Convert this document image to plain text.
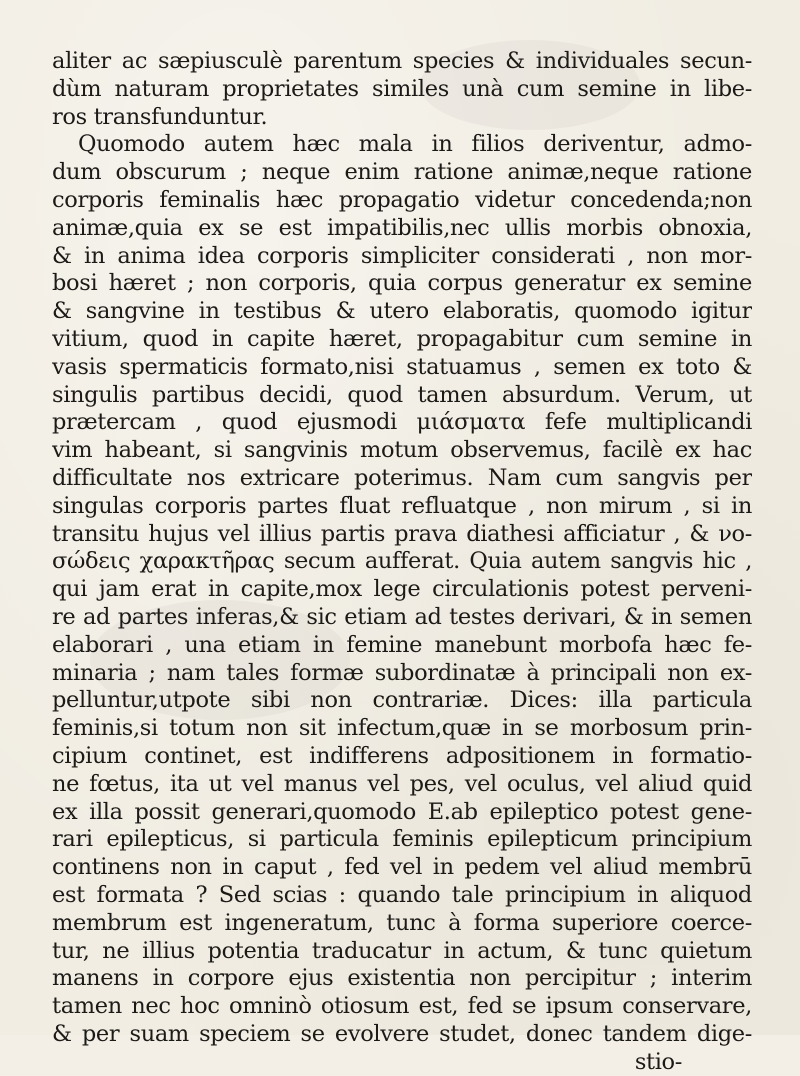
aliter ac sæpiusculè parentum species & individuales secun-
dùm naturam proprietates similes unà cum semine in libe-
ros transfunduntur.
Quomodo autem hæc mala in filios deriventur, admo-
dum obscurum ; neque enim ratione animæ,neque ratione
corporis feminalis hæc propagatio videtur concedenda;non
animæ,quia ex se est impatibilis,nec ullis morbis obnoxia,
& in anima idea corporis simpliciter considerati , non mor-
bosi hæret ; non corporis, quia corpus generatur ex semine
& sangvine in testibus & utero elaboratis, quomodo igitur
vitium, quod in capite hæret, propagabitur cum semine in
vasis spermaticis formato,nisi statuamus , semen ex toto &
singulis partibus decidi, quod tamen absurdum. Verum, ut
prætercam , quod ejusmodi μιάσματα fefe multiplicandi
vim habeant, si sangvinis motum observemus, facilè ex hac
difficultate nos extricare poterimus. Nam cum sangvis per
singulas corporis partes fluat refluatque , non mirum , si in
transitu hujus vel illius partis prava diathesi afficiatur , & νο-
σώδεις χαρακτῆρας secum aufferat. Quia autem sangvis hic ,
qui jam erat in capite,mox lege circulationis potest perveni-
re ad partes inferas,& sic etiam ad testes derivari, & in semen
elaborari , una etiam in femine manebunt morbofa hæc fe-
minaria ; nam tales formæ subordinatæ à principali non ex-
pelluntur,utpote sibi non contrariæ. Dices: illa particula
feminis,si totum non sit infectum,quæ in se morbosum prin-
cipium continet, est indifferens adpositionem in formatio-
ne fœtus, ita ut vel manus vel pes, vel oculus, vel aliud quid
ex illa possit generari,quomodo E.ab epileptico potest gene-
rari epilepticus, si particula feminis epilepticum principium
continens non in caput , fed vel in pedem vel aliud membrū
est formata ? Sed scias : quando tale principium in aliquod
membrum est ingeneratum, tunc à forma superiore coerce-
tur, ne illius potentia traducatur in actum, & tunc quietum
manens in corpore ejus existentia non percipitur ; interim
tamen nec hoc omninò otiosum est, fed se ipsum conservare,
& per suam speciem se evolvere studet, donec tandem dige-
stio-
